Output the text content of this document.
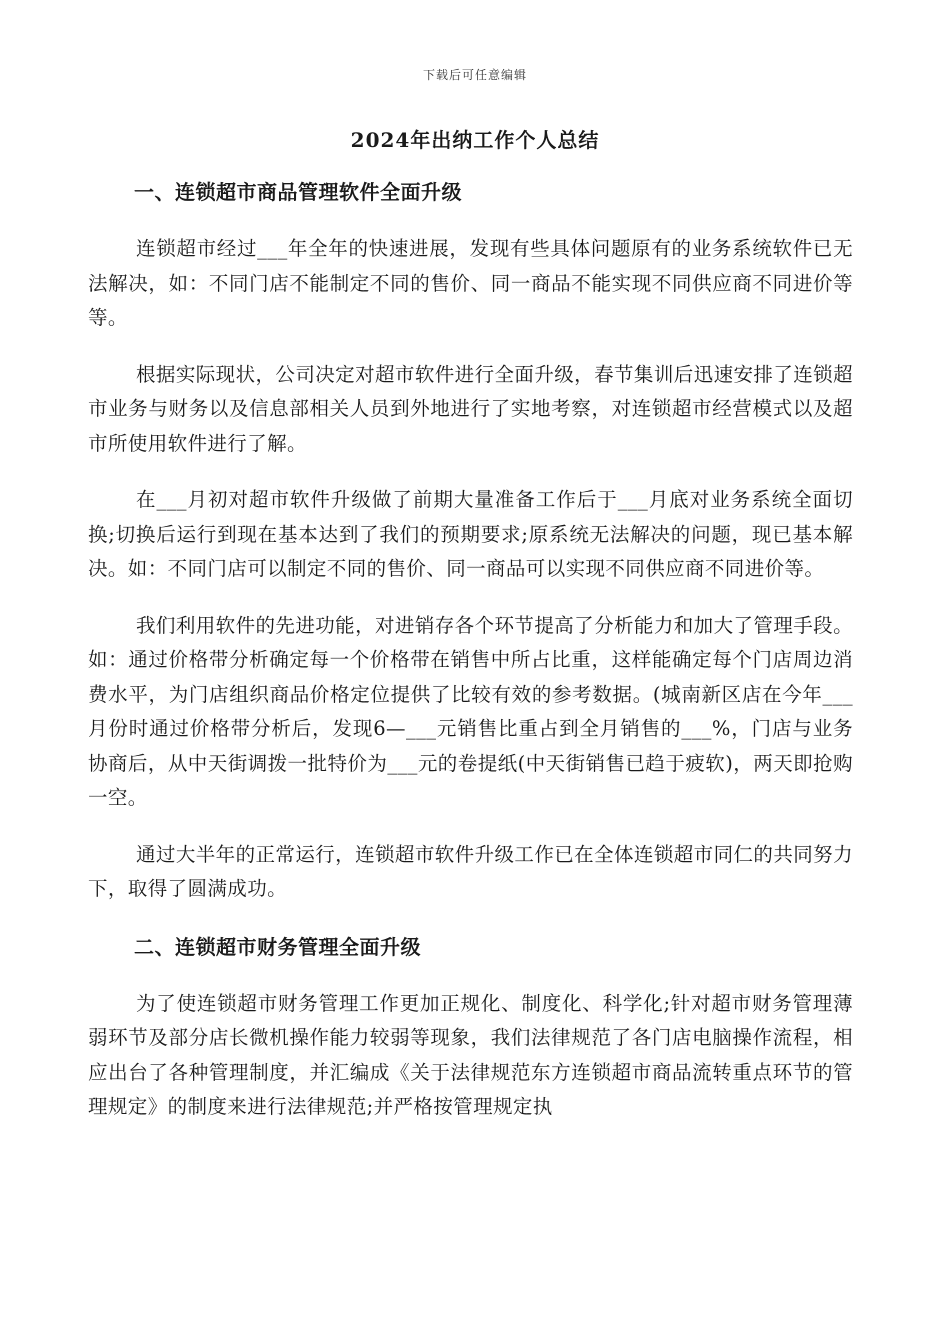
下载后可任意编辑
2024年出纳工作个人总结
一、连锁超市商品管理软件全面升级

连锁超市经过___年全年的快速进展，发现有些具体问题原有的业务系统软件已无法解决，如：不同门店不能制定不同的售价、同一商品不能实现不同供应商不同进价等等。

根据实际现状，公司决定对超市软件进行全面升级，春节集训后迅速安排了连锁超市业务与财务以及信息部相关人员到外地进行了实地考察，对连锁超市经营模式以及超市所使用软件进行了解。

在___月初对超市软件升级做了前期大量准备工作后于___月底对业务系统全面切换;切换后运行到现在基本达到了我们的预期要求;原系统无法解决的问题，现已基本解决。如：不同门店可以制定不同的售价、同一商品可以实现不同供应商不同进价等。

我们利用软件的先进功能，对进销存各个环节提高了分析能力和加大了管理手段。如：通过价格带分析确定每一个价格带在销售中所占比重，这样能确定每个门店周边消费水平，为门店组织商品价格定位提供了比较有效的参考数据。(城南新区店在今年___月份时通过价格带分析后，发现6—___元销售比重占到全月销售的___%，门店与业务协商后，从中天街调拨一批特价为___元的卷提纸(中天街销售已趋于疲软)，两天即抢购一空。

通过大半年的正常运行，连锁超市软件升级工作已在全体连锁超市同仁的共同努力下，取得了圆满成功。

二、连锁超市财务管理全面升级

为了使连锁超市财务管理工作更加正规化、制度化、科学化;针对超市财务管理薄弱环节及部分店长微机操作能力较弱等现象，我们法律规范了各门店电脑操作流程，相应出台了各种管理制度，并汇编成《关于法律规范东方连锁超市商品流转重点环节的管理规定》的制度来进行法律规范;并严格按管理规定执
